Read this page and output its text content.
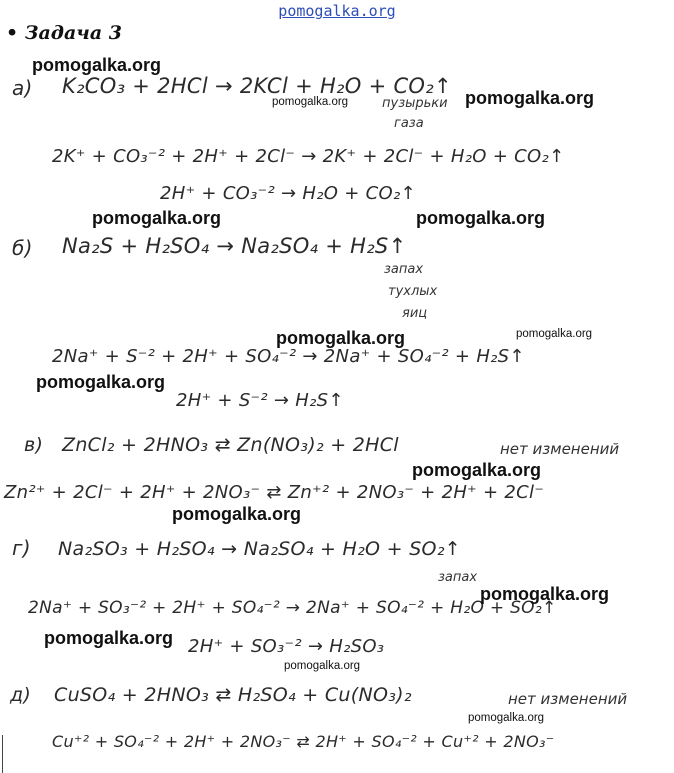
pomogalka.org
• Задача 3
а) K₂CO₃ + 2HCl → 2KCl + H₂O + CO₂↑
пузырьки
газа
2K⁺ + CO₃⁻² + 2H⁺ + 2Cl⁻ → 2K⁺ + 2Cl⁻ + H₂O + CO₂↑
2H⁺ + CO₃⁻² → H₂O + CO₂↑
б) Na₂S + H₂SO₄ → Na₂SO₄ + H₂S↑
запах
тухлых
яиц
2Na⁺ + S⁻² + 2H⁺ + SO₄⁻² → 2Na⁺ + SO₄⁻² + H₂S↑
2H⁺ + S⁻² → H₂S↑
в) ZnCl₂ + 2HNO₃ ⇄ Zn(NO₃)₂ + 2HCl	нет изменений
Zn²⁺ + 2Cl⁻ + 2H⁺ + 2NO₃⁻ ⇄ Zn⁺² + 2NO₃⁻ + 2H⁺ + 2Cl⁻
г) Na₂SO₃ + H₂SO₄ → Na₂SO₄ + H₂O + SO₂↑
запах
2Na⁺ + SO₃⁻² + 2H⁺ + SO₄⁻² → 2Na⁺ + SO₄⁻² + H₂O + SO₂↑
2H⁺ + SO₃⁻² → H₂SO₃
д) CuSO₄ + 2HNO₃ ⇄ H₂SO₄ + Cu(NO₃)₂	нет изменений
Cu⁺² + SO₄⁻² + 2H⁺ + 2NO₃⁻ ⇄ 2H⁺ + SO₄⁻² + Cu⁺² + 2NO₃⁻
pomogalka.org
pomogalka.org
pomogalka.org	pomogalka.org
pomogalka.org
pomogalka.org
pomogalka.org
pomogalka.org
pomogalka.org
pomogalka.org
pomogalka.org
pomogalka.org
pomogalka.org
pomogalka.org
